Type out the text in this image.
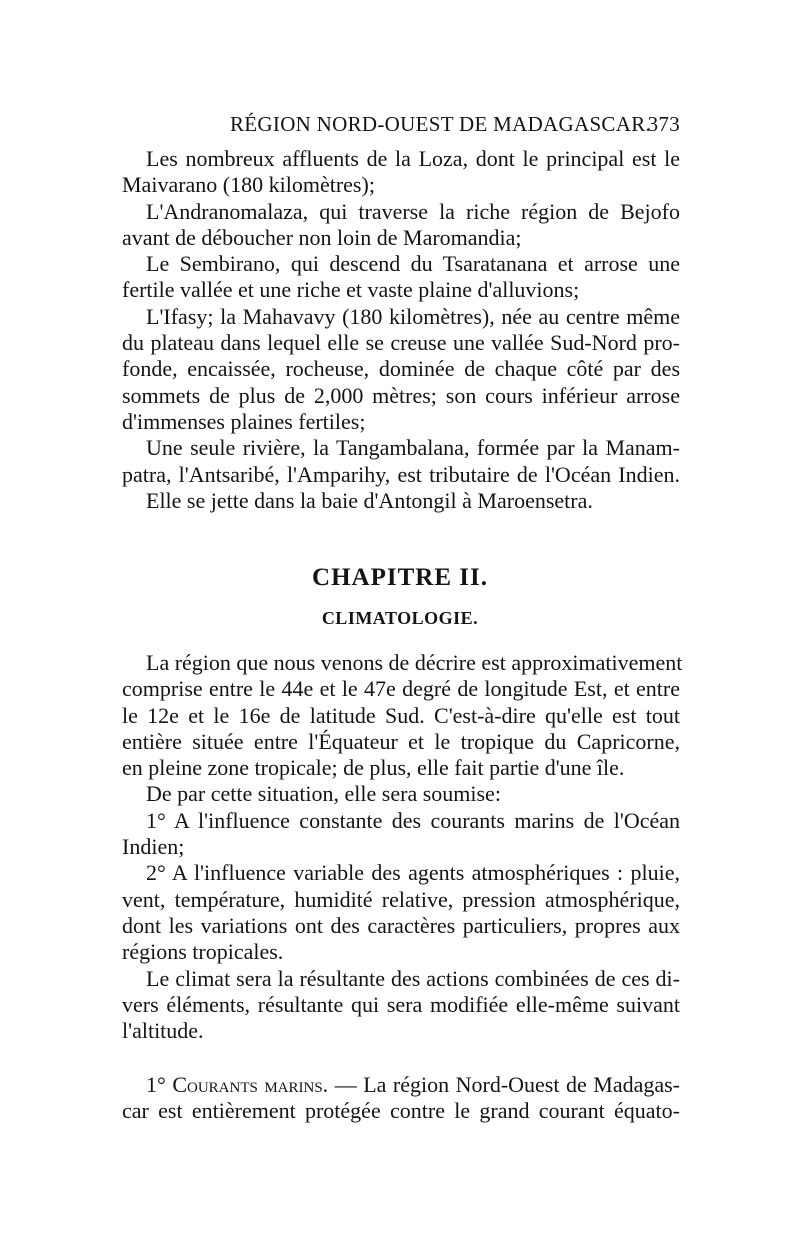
RÉGION NORD-OUEST DE MADAGASCAR.
373
Les nombreux affluents de la Loza, dont le principal est le
Maivarano (180 kilomètres);
L'Andranomalaza, qui traverse la riche région de Bejofo
avant de déboucher non loin de Maromandia;
Le Sembirano, qui descend du Tsaratanana et arrose une
fertile vallée et une riche et vaste plaine d'alluvions;
L'Ifasy; la Mahavavy (180 kilomètres), née au centre même
du plateau dans lequel elle se creuse une vallée Sud-Nord pro-
fonde, encaissée, rocheuse, dominée de chaque côté par des
sommets de plus de 2,000 mètres; son cours inférieur arrose
d'immenses plaines fertiles;
Une seule rivière, la Tangambalana, formée par la Manam-
patra, l'Antsaribé, l'Amparihy, est tributaire de l'Océan Indien.
Elle se jette dans la baie d'Antongil à Maroensetra.
CHAPITRE II.
CLIMATOLOGIE.
La région que nous venons de décrire est approximativement
comprise entre le 44e et le 47e degré de longitude Est, et entre
le 12e et le 16e de latitude Sud. C'est-à-dire qu'elle est tout
entière située entre l'Équateur et le tropique du Capricorne,
en pleine zone tropicale; de plus, elle fait partie d'une île.
De par cette situation, elle sera soumise:
1° A l'influence constante des courants marins de l'Océan
Indien;
2° A l'influence variable des agents atmosphériques : pluie,
vent, température, humidité relative, pression atmosphérique,
dont les variations ont des caractères particuliers, propres aux
régions tropicales.
Le climat sera la résultante des actions combinées de ces di-
vers éléments, résultante qui sera modifiée elle-même suivant
l'altitude.
1° Courants marins. — La région Nord-Ouest de Madagas-
car est entièrement protégée contre le grand courant équato-
